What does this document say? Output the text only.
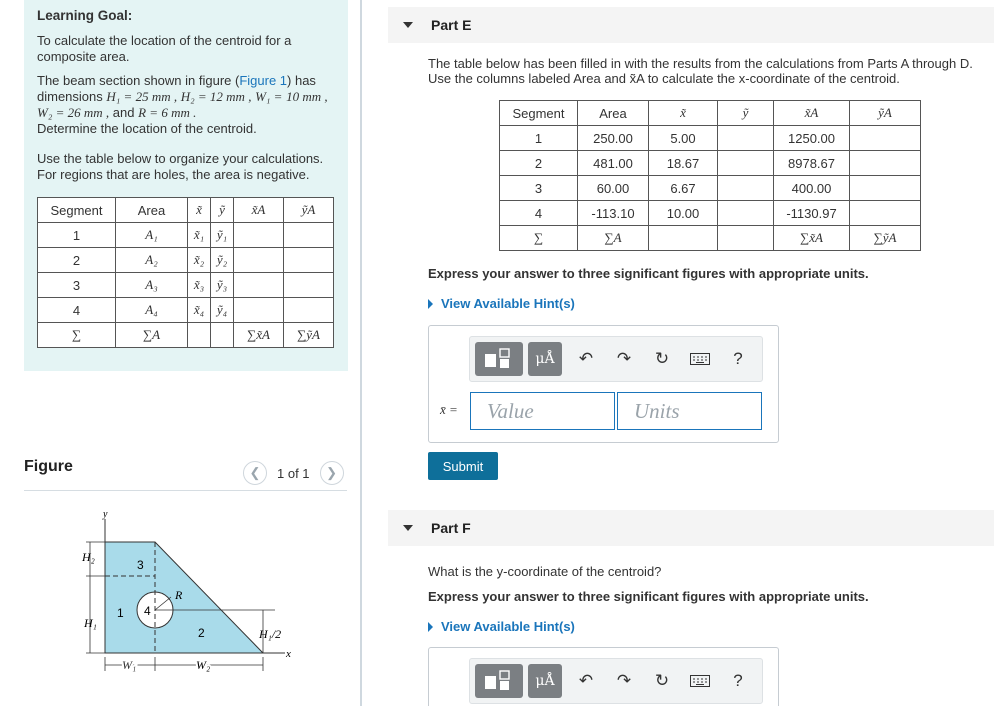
Learning Goal:

To calculate the location of the centroid for a composite area.

The beam section shown in figure (Figure 1) has dimensions H₁ = 25 mm , H₂ = 12 mm , W₁ = 10 mm , W₂ = 26 mm , and R = 6 mm .
Determine the location of the centroid.

Use the table below to organize your calculations. For regions that are holes, the area is negative.

Segment	Area	x̃	ỹ	x̃A	ỹA
1	A₁	x̃₁	ỹ₁		
2	A₂	x̃₂	ỹ₂		
3	A₃	x̃₃	ỹ₃		
4	A₄	x̃₄	ỹ₄		
∑	∑A			∑x̃A	∑ỹA
Figure	❮ 1 of 1 ❯
y
x
H₂
H₁
H₁/2
W₁	W₂
R
1
2
3
4
Part E
The table below has been filled in with the results from the calculations from Parts A through D.
Use the columns labeled Area and x̃A to calculate the x-coordinate of the centroid.
Segment	Area	x̃	ỹ	x̃A	ỹA
1	250.00	5.00		1250.00	
2	481.00	18.67		8978.67	
3	60.00	6.67		400.00	
4	-113.10	10.00		-1130.97	
∑	∑A			∑x̃A	∑ỹA
Express your answer to three significant figures with appropriate units.
View Available Hint(s)
μÅ	↶	↷	↻	?
x̄ =	Value	Units
Submit
Part F
What is the y-coordinate of the centroid?
Express your answer to three significant figures with appropriate units.
View Available Hint(s)
μÅ	↶	↷	↻	?
